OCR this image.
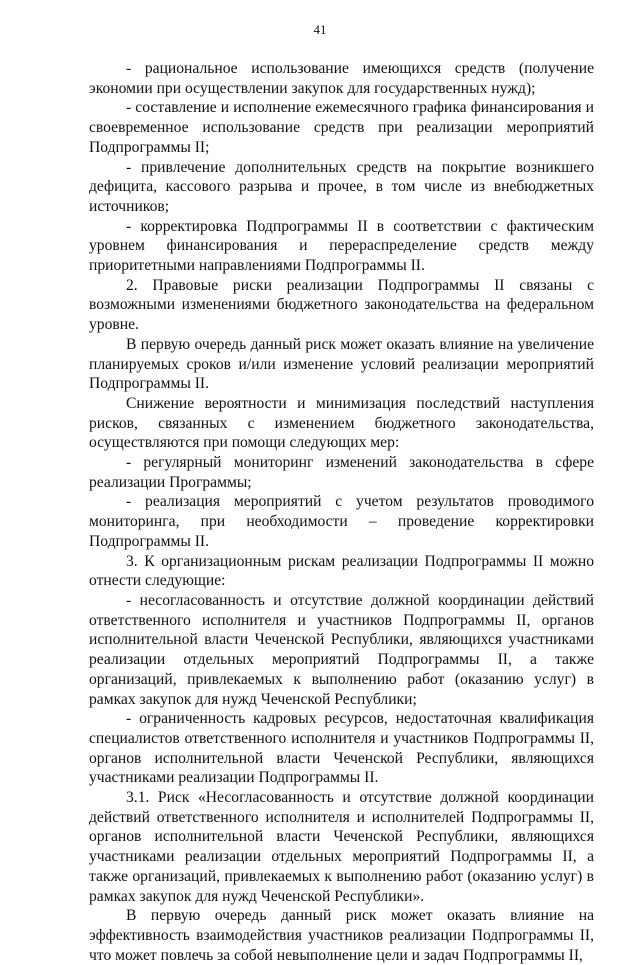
41

- рациональное использование имеющихся средств (получение экономии при осуществлении закупок для государственных нужд);

- составление и исполнение ежемесячного графика финансирования и своевременное использование средств при реализации мероприятий Подпрограммы II;

- привлечение дополнительных средств на покрытие возникшего дефицита, кассового разрыва и прочее, в том числе из внебюджетных источников;

- корректировка Подпрограммы II в соответствии с фактическим уровнем финансирования и перераспределение средств между приоритетными направлениями Подпрограммы II.

2. Правовые риски реализации Подпрограммы II связаны с возможными изменениями бюджетного законодательства на федеральном уровне.

В первую очередь данный риск может оказать влияние на увеличение планируемых сроков и/или изменение условий реализации мероприятий Подпрограммы II.

Снижение вероятности и минимизация последствий наступления рисков, связанных с изменением бюджетного законодательства, осуществляются при помощи следующих мер:

- регулярный мониторинг изменений законодательства в сфере реализации Программы;

- реализация мероприятий с учетом результатов проводимого мониторинга, при необходимости – проведение корректировки Подпрограммы II.

3. К организационным рискам реализации Подпрограммы II можно отнести следующие:

- несогласованность и отсутствие должной координации действий ответственного исполнителя и участников Подпрограммы II, органов исполнительной власти Чеченской Республики, являющихся участниками реализации отдельных мероприятий Подпрограммы II, а также организаций, привлекаемых к выполнению работ (оказанию услуг) в рамках закупок для нужд Чеченской Республики;

- ограниченность кадровых ресурсов, недостаточная квалификация специалистов ответственного исполнителя и участников Подпрограммы II, органов исполнительной власти Чеченской Республики, являющихся участниками реализации Подпрограммы II.

3.1. Риск «Несогласованность и отсутствие должной координации действий ответственного исполнителя и исполнителей Подпрограммы II, органов исполнительной власти Чеченской Республики, являющихся участниками реализации отдельных мероприятий Подпрограммы II, а также организаций, привлекаемых к выполнению работ (оказанию услуг) в рамках закупок для нужд Чеченской Республики».

В первую очередь данный риск может оказать влияние на эффективность взаимодействия участников реализации Подпрограммы II, что может повлечь за собой невыполнение цели и задач Подпрограммы II,
